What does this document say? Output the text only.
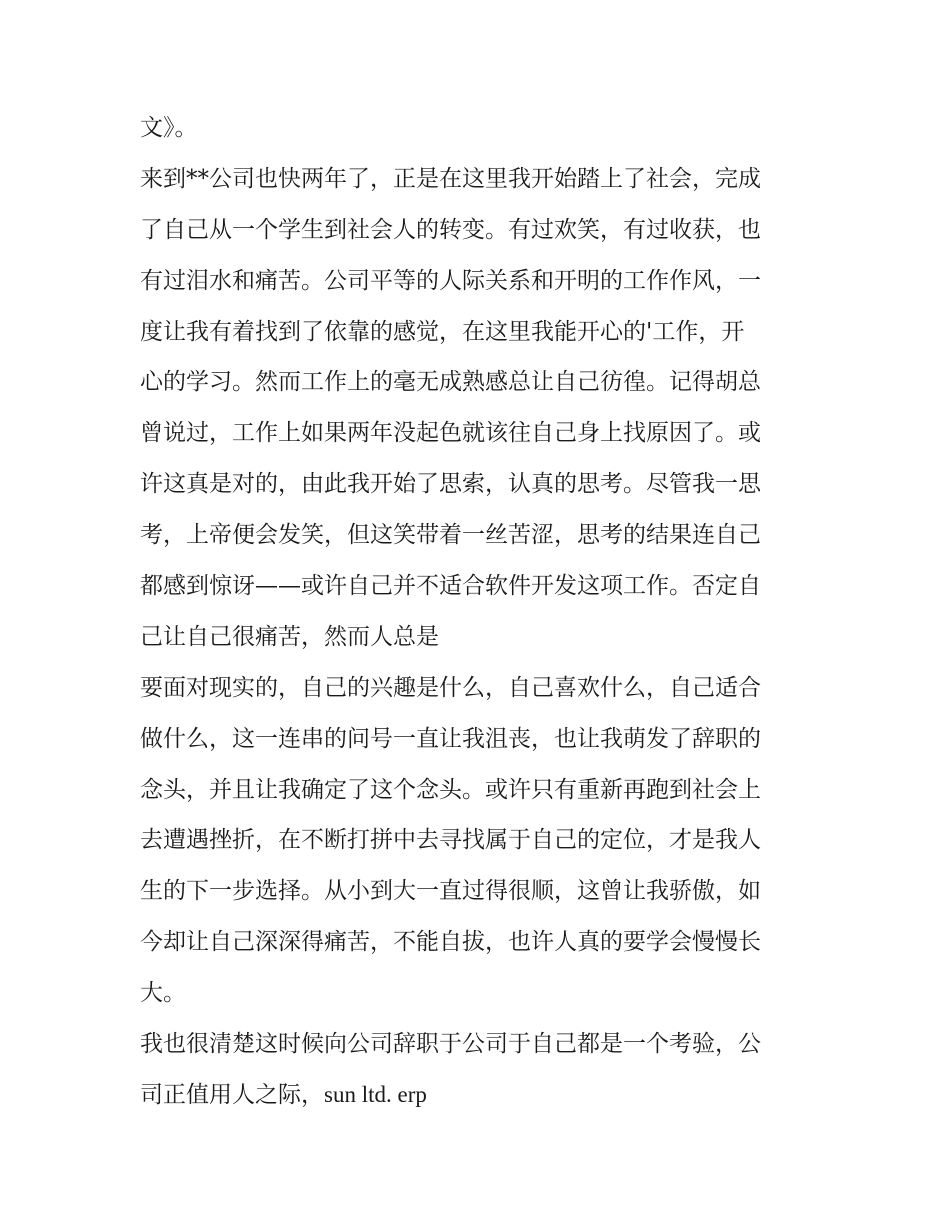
文》。

来到**公司也快两年了，正是在这里我开始踏上了社会，完成
了自己从一个学生到社会人的转变。有过欢笑，有过收获，也
有过泪水和痛苦。公司平等的人际关系和开明的工作作风，一
度让我有着找到了依靠的感觉，在这里我能开心的'工作，开
心的学习。然而工作上的毫无成熟感总让自己彷徨。记得胡总
曾说过，工作上如果两年没起色就该往自己身上找原因了。或
许这真是对的，由此我开始了思索，认真的思考。尽管我一思
考，上帝便会发笑，但这笑带着一丝苦涩，思考的结果连自己
都感到惊讶——或许自己并不适合软件开发这项工作。否定自
己让自己很痛苦，然而人总是

要面对现实的，自己的兴趣是什么，自己喜欢什么，自己适合
做什么，这一连串的问号一直让我沮丧，也让我萌发了辞职的
念头，并且让我确定了这个念头。或许只有重新再跑到社会上
去遭遇挫折，在不断打拼中去寻找属于自己的定位，才是我人
生的下一步选择。从小到大一直过得很顺，这曾让我骄傲，如
今却让自己深深得痛苦，不能自拔，也许人真的要学会慢慢长
大。

我也很清楚这时候向公司辞职于公司于自己都是一个考验，公
司正值用人之际，sun ltd. erp
